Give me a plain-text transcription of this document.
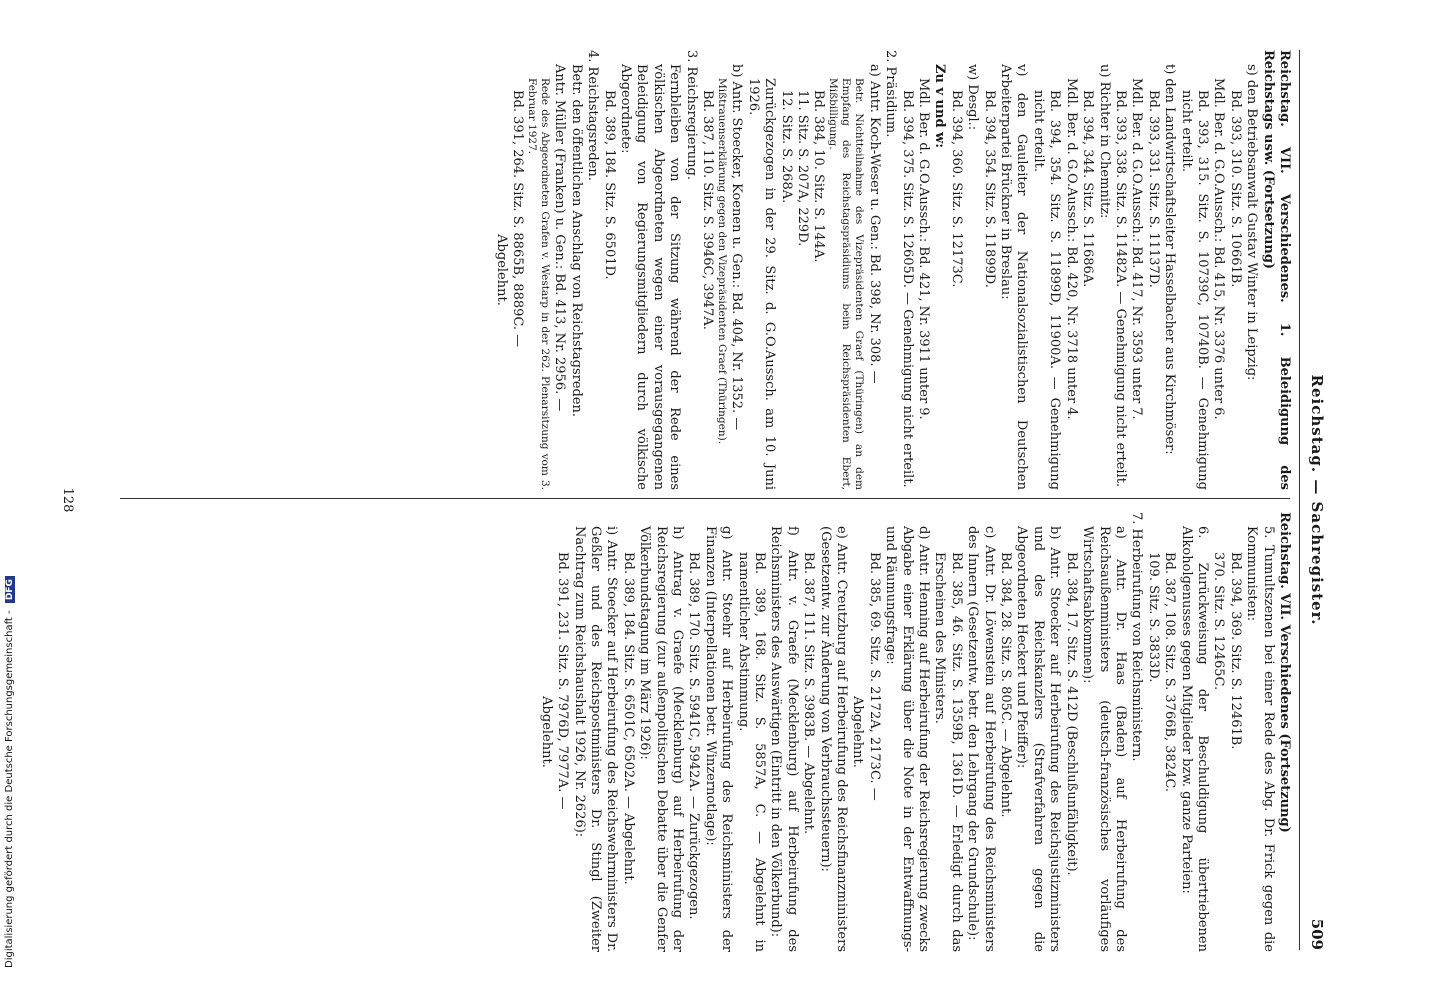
Reichstag. — Sachregister.
509
Reichstag. VII. Verschiedenes. 1. Beleidigung des Reichstags usw. (Fortsetzung)
s) den Betriebsanwalt Gustav Winter in Leipzig:
Bd. 393, 310. Sitz. S. 10661B.
Mdl. Ber. d. G.O.Aussch.: Bd. 415, Nr. 3376 unter 6.
Bd. 393, 315. Sitz. S. 10739C, 10740B. — Genehmigung nicht erteilt.
t) den Landwirtschaftsleiter Hasselbacher aus Kirchmöser:
Bd. 393, 331. Sitz. S. 11137D.
Mdl. Ber. d. G.O.Aussch.: Bd. 417, Nr. 3593 unter 7.
Bd. 393, 338. Sitz. S. 11482A. — Genehmigung nicht erteilt.
u) Richter in Chemnitz:
Bd. 394, 344. Sitz. S. 11686A.
Mdl. Ber. d. G.O.Aussch.: Bd. 420, Nr. 3718 unter 4.
Bd. 394, 354. Sitz. S. 11899D, 11900A. — Genehmigung nicht erteilt.
v) den Gauleiter der Nationalsozialistischen Deutschen Arbeiterpartei Brückner in Breslau:
Bd. 394, 354. Sitz. S. 11899D.
w) Desgl.:
Bd. 394, 360. Sitz. S. 12173C.
Zu v und w:
Mdl. Ber. d. G.O.Aussch.: Bd. 421, Nr. 3911 unter 9.
Bd. 394, 375. Sitz. S. 12605D. — Genehmigung nicht erteilt.
2. Präsidium.
a) Antr. Koch-Weser u. Gen.: Bd. 398, Nr. 308. —
Betr. Nichtteilnahme des Vizepräsidenten Graef (Thüringen) an dem Empfang des Reichstagspräsidiums beim Reichspräsidenten Ebert, Mißbilligung.
Bd. 384, 10. Sitz. S. 144A.
11. Sitz. S. 207A, 229D.
12. Sitz. S. 268A.
Zurückgezogen in der 29. Sitz. d. G.O.Aussch. am 10. Juni 1926.
b) Antr. Stoecker, Koenen u. Gen.: Bd. 404, Nr. 1352. —
Mißtrauenserklärung gegen den Vizepräsidenten Graef (Thüringen).
Bd. 387, 110. Sitz. S. 3946C, 3947A.
3. Reichsregierung.
Fernbleiben von der Sitzung während der Rede eines völkischen Abgeordneten wegen einer vorausgegangenen Beleidigung von Regierungsmitgliedern durch völkische Abgeordnete:
Bd. 389, 184. Sitz. S. 6501D.
4. Reichstagsreden.
Betr. den öffentlichen Anschlag von Reichstagsreden.
Antr. Müller (Franken) u. Gen.: Bd. 413, Nr. 2956. —
Rede des Abgeordneten Grafen v. Westarp in der 262. Plenarsitzung vom 3. Februar 1927.
Bd. 391, 264. Sitz. S. 8865B, 8889C. —
Abgelehnt.
Reichstag. VII. Verschiedenes (Fortsetzung)
5. Tumultszenen bei einer Rede des Abg. Dr. Frick gegen die Kommunisten:
Bd. 394, 369. Sitz. S. 12461B.
370. Sitz. S. 12465C.
6. Zurückweisung der Beschuldigung übertriebenen Alkoholgenusses gegen Mitglieder bzw. ganze Parteien:
Bd. 387, 108. Sitz. S. 3766B, 3824C.
109. Sitz. S. 3833D.
7. Herbeirufung von Reichsministern.
a) Antr. Dr. Haas (Baden) auf Herbeirufung des Reichsaußenministers (deutsch-französisches vorläufiges Wirtschaftsabkommen):
Bd. 384, 17. Sitz. S. 412D (Beschlußunfähigkeit).
b) Antr. Stoecker auf Herbeirufung des Reichsjustizministers und des Reichskanzlers (Strafverfahren gegen die Abgeordneten Heckert und Pfeiffer):
Bd. 384, 28. Sitz. S. 805C. — Abgelehnt.
c) Antr. Dr. Löwenstein auf Herbeirufung des Reichsministers des Innern (Gesetzentw. betr. den Lehrgang der Grundschule):
Bd. 385, 46. Sitz. S. 1359B, 1361D. — Erledigt durch das Erscheinen des Ministers.
d) Antr. Henning auf Herbeirufung der Reichsregierung zwecks Abgabe einer Erklärung über die Note in der Entwaffnungs- und Räumungsfrage:
Bd. 385, 69. Sitz. S. 2172A, 2173C. —
Abgelehnt.
e) Antr. Creutzburg auf Herbeirufung des Reichsfinanzministers (Gesetzentw. zur Änderung von Verbrauchssteuern):
Bd. 387, 111. Sitz. S. 3983B. — Abgelehnt.
f) Antr. v. Graefe (Mecklenburg) auf Herbeirufung des Reichsministers des Auswärtigen (Eintritt in den Völkerbund):
Bd. 389, 168. Sitz. S. 5857A, C. — Abgelehnt in namentlicher Abstimmung.
g) Antr. Stoehr auf Herbeirufung des Reichsministers der Finanzen (Interpellationen betr. Winzernotlage):
Bd. 389, 170. Sitz. S. 5941C, 5942A. — Zurückgezogen.
h) Antrag v. Graefe (Mecklenburg) auf Herbeirufung der Reichsregierung (zur außenpolitischen Debatte über die Genfer Völkerbundstagung im März 1926):
Bd. 389, 184. Sitz. S. 6501C, 6502A. — Abgelehnt.
i) Antr. Stoecker auf Herbeirufung des Reichswehrministers Dr. Geßler und des Reichspostministers Dr. Stingl (Zweiter Nachtrag zum Reichshaushalt 1926, Nr. 2626):
Bd. 391, 231. Sitz. S. 7976D, 7977A. —
Abgelehnt.
128
Digitalisierung gefördert durch die Deutsche Forschungsgemeinschaft - DFG
